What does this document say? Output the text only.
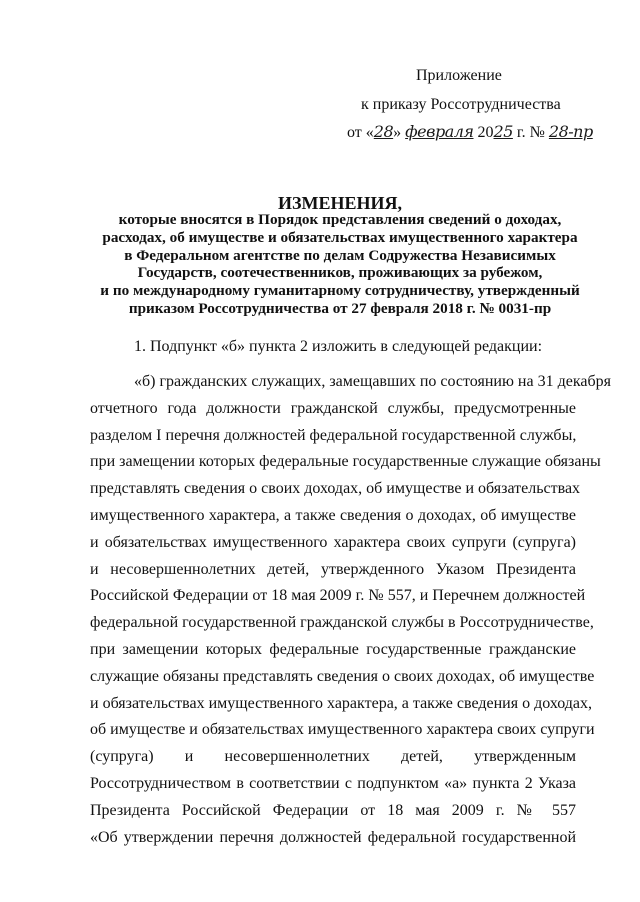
Приложение
к приказу Россотрудничества
от «28» февраля 2025 г. № 28-пр
ИЗМЕНЕНИЯ,
которые вносятся в Порядок представления сведений о доходах,
расходах, об имуществе и обязательствах имущественного характера
в Федеральном агентстве по делам Содружества Независимых
Государств, соотечественников, проживающих за рубежом,
и по международному гуманитарному сотрудничеству, утвержденный
приказом Россотрудничества от 27 февраля 2018 г. № 0031-пр
1. Подпункт «б» пункта 2 изложить в следующей редакции:
«б) гражданских служащих, замещавших по состоянию на 31 декабря
отчетного года должности гражданской службы, предусмотренные
разделом I перечня должностей федеральной государственной службы,
при замещении которых федеральные государственные служащие обязаны
представлять сведения о своих доходах, об имуществе и обязательствах
имущественного характера, а также сведения о доходах, об имуществе
и обязательствах имущественного характера своих супруги (супруга)
и несовершеннолетних детей, утвержденного Указом Президента
Российской Федерации от 18 мая 2009 г. № 557, и Перечнем должностей
федеральной государственной гражданской службы в Россотрудничестве,
при замещении которых федеральные государственные гражданские
служащие обязаны представлять сведения о своих доходах, об имуществе
и обязательствах имущественного характера, а также сведения о доходах,
об имуществе и обязательствах имущественного характера своих супруги
(супруга) и несовершеннолетних детей, утвержденным
Россотрудничеством в соответствии с подпунктом «а» пункта 2 Указа
Президента Российской Федерации от 18 мая 2009 г. № 557
«Об утверждении перечня должностей федеральной государственной
